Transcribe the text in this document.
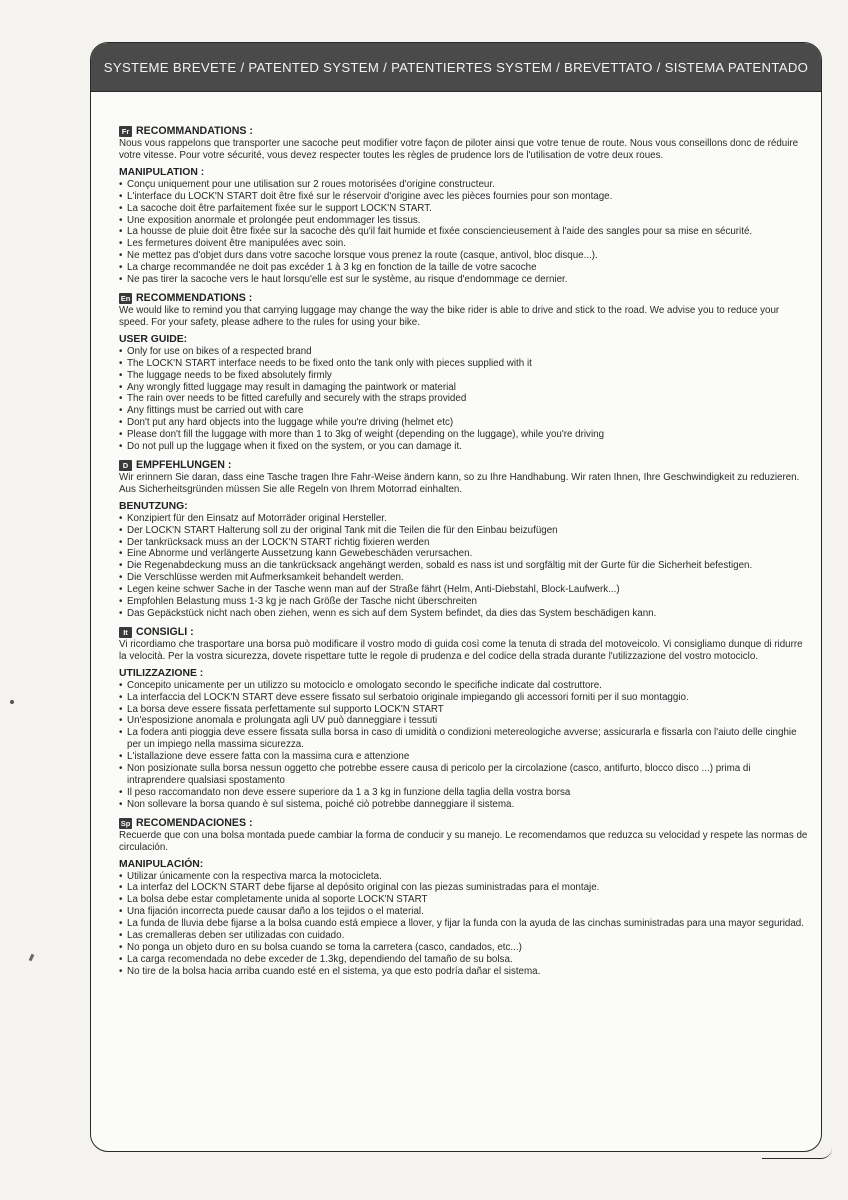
SYSTEME BREVETE / PATENTED SYSTEM / PATENTIERTES SYSTEM / BREVETTATO / SISTEMA PATENTADO
Fr RECOMMANDATIONS :

Nous vous rappelons que transporter une sacoche peut modifier votre façon de piloter ainsi que votre tenue de route. Nous vous conseillons donc de réduire votre vitesse. Pour votre sécurité, vous devez respecter toutes les règles de prudence lors de l'utilisation de votre deux roues.

MANIPULATION :
• Conçu uniquement pour une utilisation sur 2 roues motorisées d'origine constructeur.
• L'interface du LOCK'N START doit être fixé sur le réservoir d'origine avec les pièces fournies pour son montage.
• La sacoche doit être parfaitement fixée sur le support LOCK'N START.
• Une exposition anormale et prolongée peut endommager les tissus.
• La housse de pluie doit être fixée sur la sacoche dès qu'il fait humide et fixée consciencieusement à l'aide des sangles pour sa mise en sécurité.
• Les fermetures doivent être manipulées avec soin.
• Ne mettez pas d'objet durs dans votre sacoche lorsque vous prenez la route (casque, antivol, bloc disque...).
• La charge recommandée ne doit pas excéder 1 à 3 kg en fonction de la taille de votre sacoche
• Ne pas tirer la sacoche vers le haut lorsqu'elle est sur le système, au risque d'endommage ce dernier.
En RECOMMENDATIONS :

We would like to remind you that carrying luggage may change the way the bike rider is able to drive and stick to the road. We advise you to reduce your speed. For your safety, please adhere to the rules for using your bike.

USER GUIDE:
• Only for use on bikes of a respected brand
• The LOCK'N START interface needs to be fixed onto the tank only with pieces supplied with it
• The luggage needs to be fixed absolutely firmly
• Any wrongly fitted luggage may result in damaging the paintwork or material
• The rain over needs to be fitted carefully and securely with the straps provided
• Any fittings must be carried out with care
• Don't put any hard objects into the luggage while you're driving (helmet etc)
• Please don't fill the luggage with more than 1 to 3kg of weight (depending on the luggage), while you're driving
• Do not pull up the luggage when it fixed on the system, or you can damage it.
D EMPFEHLUNGEN :

Wir erinnern Sie daran, dass eine Tasche tragen Ihre Fahr-Weise ändern kann, so zu Ihre Handhabung. Wir raten Ihnen, Ihre Geschwindigkeit zu reduzieren. Aus Sicherheitsgründen müssen Sie alle Regeln von Ihrem Motorrad einhalten.

BENUTZUNG:
• Konzipiert für den Einsatz auf Motorräder original Hersteller.
• Der LOCK'N START Halterung soll zu der original Tank mit die Teilen die für den Einbau beizufügen
• Der tankrücksack muss an der LOCK'N START richtig fixieren werden
• Eine Abnorme und verlängerte Aussetzung kann Gewebeschäden verursachen.
• Die Regenabdeckung muss an die tankrücksack angehängt werden, sobald es nass ist und sorgfältig mit der Gurte für die Sicherheit befestigen.
• Die Verschlüsse werden mit Aufmerksamkeit behandelt werden.
• Legen keine schwer Sache in der Tasche wenn man auf der Straße fährt (Helm, Anti-Diebstahl, Block-Laufwerk...)
• Empfohlen Belastung muss 1-3 kg je nach Größe der Tasche nicht überschreiten
• Das Gepäckstück nicht nach oben ziehen, wenn es sich auf dem System befindet, da dies das System beschädigen kann.
It CONSIGLI :

Vi ricordiamo che trasportare una borsa può modificare il vostro modo di guida così come la tenuta di strada del motoveicolo. Vi consigliamo dunque di ridurre la velocità. Per la vostra sicurezza, dovete rispettare tutte le regole di prudenza e del codice della strada durante l'utilizzazione del vostro motociclo.

UTILIZZAZIONE :
• Concepito unicamente per un utilizzo su motociclo e omologato secondo le specifiche indicate dal costruttore.
• La interfaccia del LOCK'N START deve essere fissato sul serbatoio originale impiegando gli accessori forniti per il suo montaggio.
• La borsa deve essere fissata perfettamente sul supporto LOCK'N START
• Un'esposizione anomala e prolungata agli UV può danneggiare i tessuti
• La fodera anti pioggia deve essere fissata sulla borsa in caso di umidità o condizioni metereologiche avverse; assicurarla e fissarla con l'aiuto delle cinghie per un impiego nella massima sicurezza.
• L'istallazione deve essere fatta con la massima cura e attenzione
• Non posizionate sulla borsa nessun oggetto che potrebbe essere causa di pericolo per la circolazione (casco, antifurto, blocco disco ...) prima di intraprendere qualsiasi spostamento
• Il peso raccomandato non deve essere superiore da 1 a 3 kg in funzione della taglia della vostra borsa
• Non sollevare la borsa quando è sul sistema, poiché ciò potrebbe danneggiare il sistema.
Sp RECOMENDACIONES :

Recuerde que con una bolsa montada puede cambiar la forma de conducir y su manejo. Le recomendamos que reduzca su velocidad y respete las normas de circulación.

MANIPULACIÓN:
• Utilizar únicamente con la respectiva marca la motocicleta.
• La interfaz del LOCK'N START debe fijarse al depósito original con las piezas suministradas para el montaje.
• La bolsa debe estar completamente unida al soporte LOCK'N START
• Una fijación incorrecta puede causar daño a los tejidos o el material.
• La funda de lluvia debe fijarse a la bolsa cuando está empiece a llover, y fijar la funda con la ayuda de las cinchas suministradas para una mayor seguridad.
• Las cremalleras deben ser utilizadas con cuidado.
• No ponga un objeto duro en su bolsa cuando se toma la carretera (casco, candados, etc...)
• La carga recomendada no debe exceder de 1.3kg, dependiendo del tamaño de su bolsa.
• No tire de la bolsa hacia arriba cuando esté en el sistema, ya que esto podría dañar el sistema.
